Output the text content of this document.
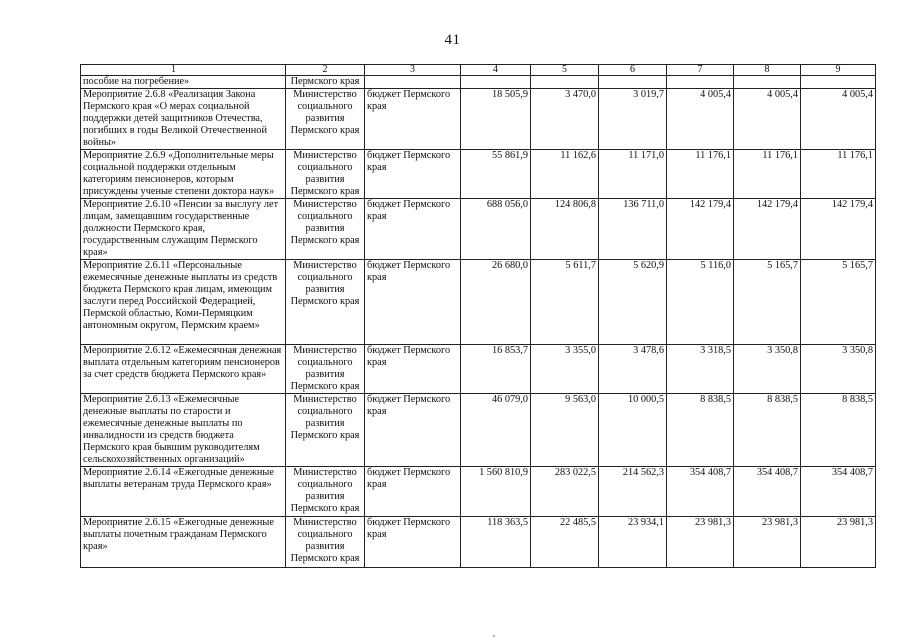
41
1	2	3	4	5	6	7	8	9
пособие на погребение»	Пермского края							
Мероприятие 2.6.8 «Реализация Закона Пермского края «О мерах социальной поддержки детей защитников Отечества, погибших в годы Великой Отечественной войны»	Министерство социального развития Пермского края	бюджет Пермского края	18 505,9	3 470,0	3 019,7	4 005,4	4 005,4	4 005,4
Мероприятие 2.6.9 «Дополнительные меры социальной поддержки отдельным категориям пенсионеров, которым присуждены ученые степени доктора наук»	Министерство социального развития Пермского края	бюджет Пермского края	55 861,9	11 162,6	11 171,0	11 176,1	11 176,1	11 176,1
Мероприятие 2.6.10 «Пенсии за выслугу лет лицам, замещавшим государственные должности Пермского края, государственным служащим Пермского края»	Министерство социального развития Пермского края	бюджет Пермского края	688 056,0	124 806,8	136 711,0	142 179,4	142 179,4	142 179,4
Мероприятие 2.6.11 «Персональные ежемесячные денежные выплаты из средств бюджета Пермского края лицам, имеющим заслуги перед Российской Федерацией, Пермской областью, Коми-Пермяцким автономным округом, Пермским краем»	Министерство социального развития Пермского края	бюджет Пермского края	26 680,0	5 611,7	5 620,9	5 116,0	5 165,7	5 165,7
Мероприятие 2.6.12 «Ежемесячная денежная выплата отдельным категориям пенсионеров за счет средств бюджета Пермского края»	Министерство социального развития Пермского края	бюджет Пермского края	16 853,7	3 355,0	3 478,6	3 318,5	3 350,8	3 350,8
Мероприятие 2.6.13 «Ежемесячные денежные выплаты по старости и ежемесячные денежные выплаты по инвалидности из средств бюджета Пермского края бывшим руководителям сельскохозяйственных организаций»	Министерство социального развития Пермского края	бюджет Пермского края	46 079,0	9 563,0	10 000,5	8 838,5	8 838,5	8 838,5
Мероприятие 2.6.14 «Ежегодные денежные выплаты ветеранам труда Пермского края»	Министерство социального развития Пермского края	бюджет Пермского края	1 560 810,9	283 022,5	214 562,3	354 408,7	354 408,7	354 408,7
Мероприятие 2.6.15 «Ежегодные денежные выплаты почетным гражданам Пермского края»	Министерство социального развития Пермского края	бюджет Пермского края	118 363,5	22 485,5	23 934,1	23 981,3	23 981,3	23 981,3
